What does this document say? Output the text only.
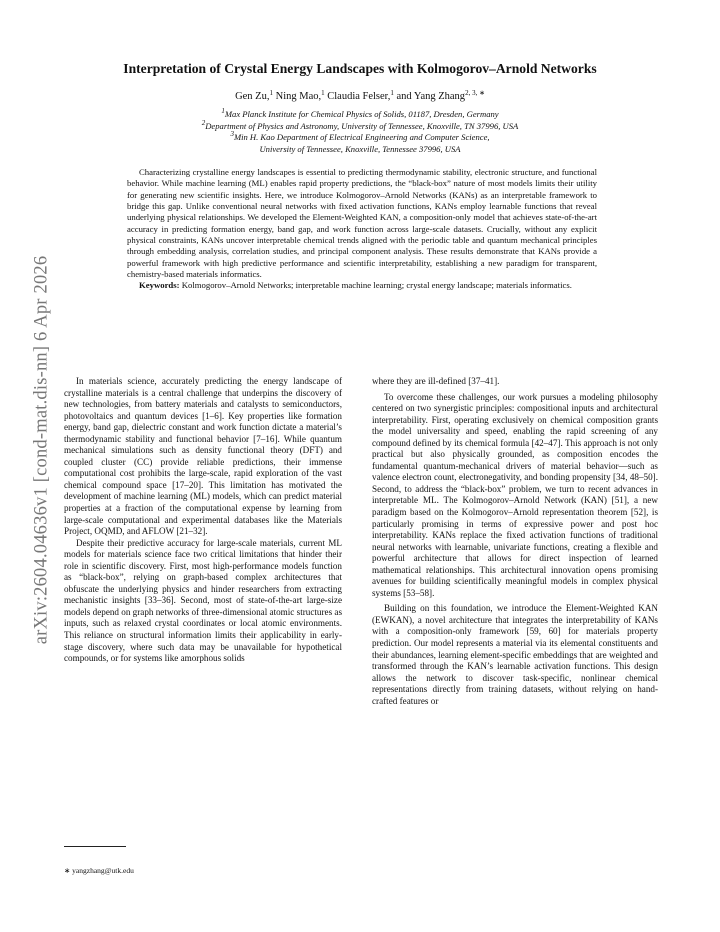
arXiv:2604.04636v1 [cond-mat.dis-nn] 6 Apr 2026
Interpretation of Crystal Energy Landscapes with Kolmogorov–Arnold Networks
Gen Zu,$^1$ Ning Mao,$^1$ Claudia Felser,$^1$ and Yang Zhang$^{2, 3, ∗}$
$^1$Max Planck Institute for Chemical Physics of Solids, 01187, Dresden, Germany
$^2$Department of Physics and Astronomy, University of Tennessee, Knoxville, TN 37996, USA
$^3$Min H. Kao Department of Electrical Engineering and Computer Science,
University of Tennessee, Knoxville, Tennessee 37996, USA

Characterizing crystalline energy landscapes is essential to predicting thermodynamic stability, electronic structure, and functional behavior. While machine learning (ML) enables rapid property predictions, the “black-box” nature of most models limits their utility for generating new scientific insights. Here, we introduce Kolmogorov–Arnold Networks (KANs) as an interpretable framework to bridge this gap. Unlike conventional neural networks with fixed activation functions, KANs employ learnable functions that reveal underlying physical relationships. We developed the Element-Weighted KAN, a composition-only model that achieves state-of-the-art accuracy in predicting formation energy, band gap, and work function across large-scale datasets. Crucially, without any explicit physical constraints, KANs uncover interpretable chemical trends aligned with the periodic table and quantum mechanical principles through embedding analysis, correlation studies, and principal component analysis. These results demonstrate that KANs provide a powerful framework with high predictive performance and scientific interpretability, establishing a new paradigm for transparent, chemistry-based materials informatics.

Keywords: Kolmogorov–Arnold Networks; interpretable machine learning; crystal energy landscape; materials informatics.

In materials science, accurately predicting the energy landscape of crystalline materials is a central challenge that underpins the discovery of new technologies, from battery materials and catalysts to semiconductors, photovoltaics and quantum devices [1–6]. Key properties like formation energy, band gap, dielectric constant and work function dictate a material’s thermodynamic stability and functional behavior [7–16]. While quantum mechanical simulations such as density functional theory (DFT) and coupled cluster (CC) provide reliable predictions, their immense computational cost prohibits the large-scale, rapid exploration of the vast chemical compound space [17–20]. This limitation has motivated the development of machine learning (ML) models, which can predict material properties at a fraction of the computational expense by learning from large-scale computational and experimental databases like the Materials Project, OQMD, and AFLOW [21–32].

Despite their predictive accuracy for large-scale materials, current ML models for materials science face two critical limitations that hinder their role in scientific discovery. First, most high-performance models function as “black-box”, relying on graph-based complex architectures that obfuscate the underlying physics and hinder researchers from extracting mechanistic insights [33–36]. Second, most of state-of-the-art large-size models depend on graph networks of three-dimensional atomic structures as inputs, such as relaxed crystal coordinates or local atomic environments. This reliance on structural information limits their applicability in early-stage discovery, where such data may be unavailable for hypothetical compounds, or for systems like amorphous solids

where they are ill-defined [37–41].

To overcome these challenges, our work pursues a modeling philosophy centered on two synergistic principles: compositional inputs and architectural interpretability. First, operating exclusively on chemical composition grants the model universality and speed, enabling the rapid screening of any compound defined by its chemical formula [42–47]. This approach is not only practical but also physically grounded, as composition encodes the fundamental quantum-mechanical drivers of material behavior—such as valence electron count, electronegativity, and bonding propensity [34, 48–50]. Second, to address the “black-box” problem, we turn to recent advances in interpretable ML. The Kolmogorov–Arnold Network (KAN) [51], a new paradigm based on the Kolmogorov–Arnold representation theorem [52], is particularly promising in terms of expressive power and post hoc interpretability. KANs replace the fixed activation functions of traditional neural networks with learnable, univariate functions, creating a flexible and powerful architecture that allows for direct inspection of learned mathematical relationships. This architectural innovation opens promising avenues for building scientifically meaningful models in complex physical systems [53–58].

Building on this foundation, we introduce the Element-Weighted KAN (EWKAN), a novel architecture that integrates the interpretability of KANs with a composition-only framework [59, 60] for materials property prediction. Our model represents a material via its elemental constituents and their abundances, learning element-specific embeddings that are weighted and transformed through the KAN’s learnable activation functions. This design allows the network to discover task-specific, nonlinear chemical representations directly from training datasets, without relying on hand-crafted features or

∗ yangzhang@utk.edu
